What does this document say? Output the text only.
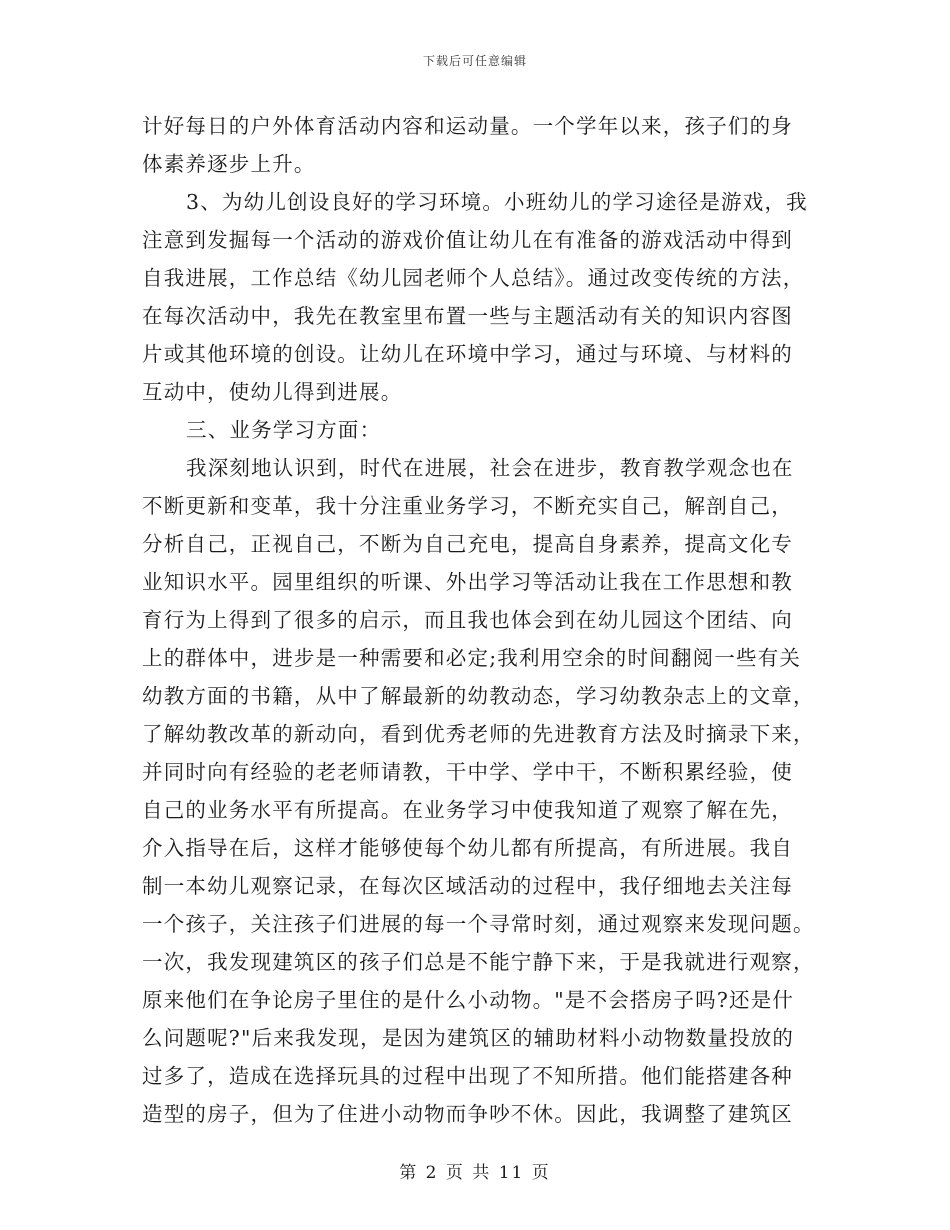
下载后可任意编辑
计好每日的户外体育活动内容和运动量。一个学年以来，孩子们的身
体素养逐步上升。
3、为幼儿创设良好的学习环境。小班幼儿的学习途径是游戏，我
注意到发掘每一个活动的游戏价值让幼儿在有准备的游戏活动中得到
自我进展，工作总结《幼儿园老师个人总结》。通过改变传统的方法，
在每次活动中，我先在教室里布置一些与主题活动有关的知识内容图
片或其他环境的创设。让幼儿在环境中学习，通过与环境、与材料的
互动中，使幼儿得到进展。
三、业务学习方面：
我深刻地认识到，时代在进展，社会在进步，教育教学观念也在
不断更新和变革，我十分注重业务学习，不断充实自己，解剖自己，
分析自己，正视自己，不断为自己充电，提高自身素养，提高文化专
业知识水平。园里组织的听课、外出学习等活动让我在工作思想和教
育行为上得到了很多的启示，而且我也体会到在幼儿园这个团结、向
上的群体中，进步是一种需要和必定;我利用空余的时间翻阅一些有关
幼教方面的书籍，从中了解最新的幼教动态，学习幼教杂志上的文章，
了解幼教改革的新动向，看到优秀老师的先进教育方法及时摘录下来，
并同时向有经验的老老师请教，干中学、学中干，不断积累经验，使
自己的业务水平有所提高。在业务学习中使我知道了观察了解在先，
介入指导在后，这样才能够使每个幼儿都有所提高，有所进展。我自
制一本幼儿观察记录，在每次区域活动的过程中，我仔细地去关注每
一个孩子，关注孩子们进展的每一个寻常时刻，通过观察来发现问题。
一次，我发现建筑区的孩子们总是不能宁静下来，于是我就进行观察，
原来他们在争论房子里住的是什么小动物。"是不会搭房子吗?还是什
么问题呢?"后来我发现，是因为建筑区的辅助材料小动物数量投放的
过多了，造成在选择玩具的过程中出现了不知所措。他们能搭建各种
造型的房子，但为了住进小动物而争吵不休。因此，我调整了建筑区
第 2 页 共 11 页
